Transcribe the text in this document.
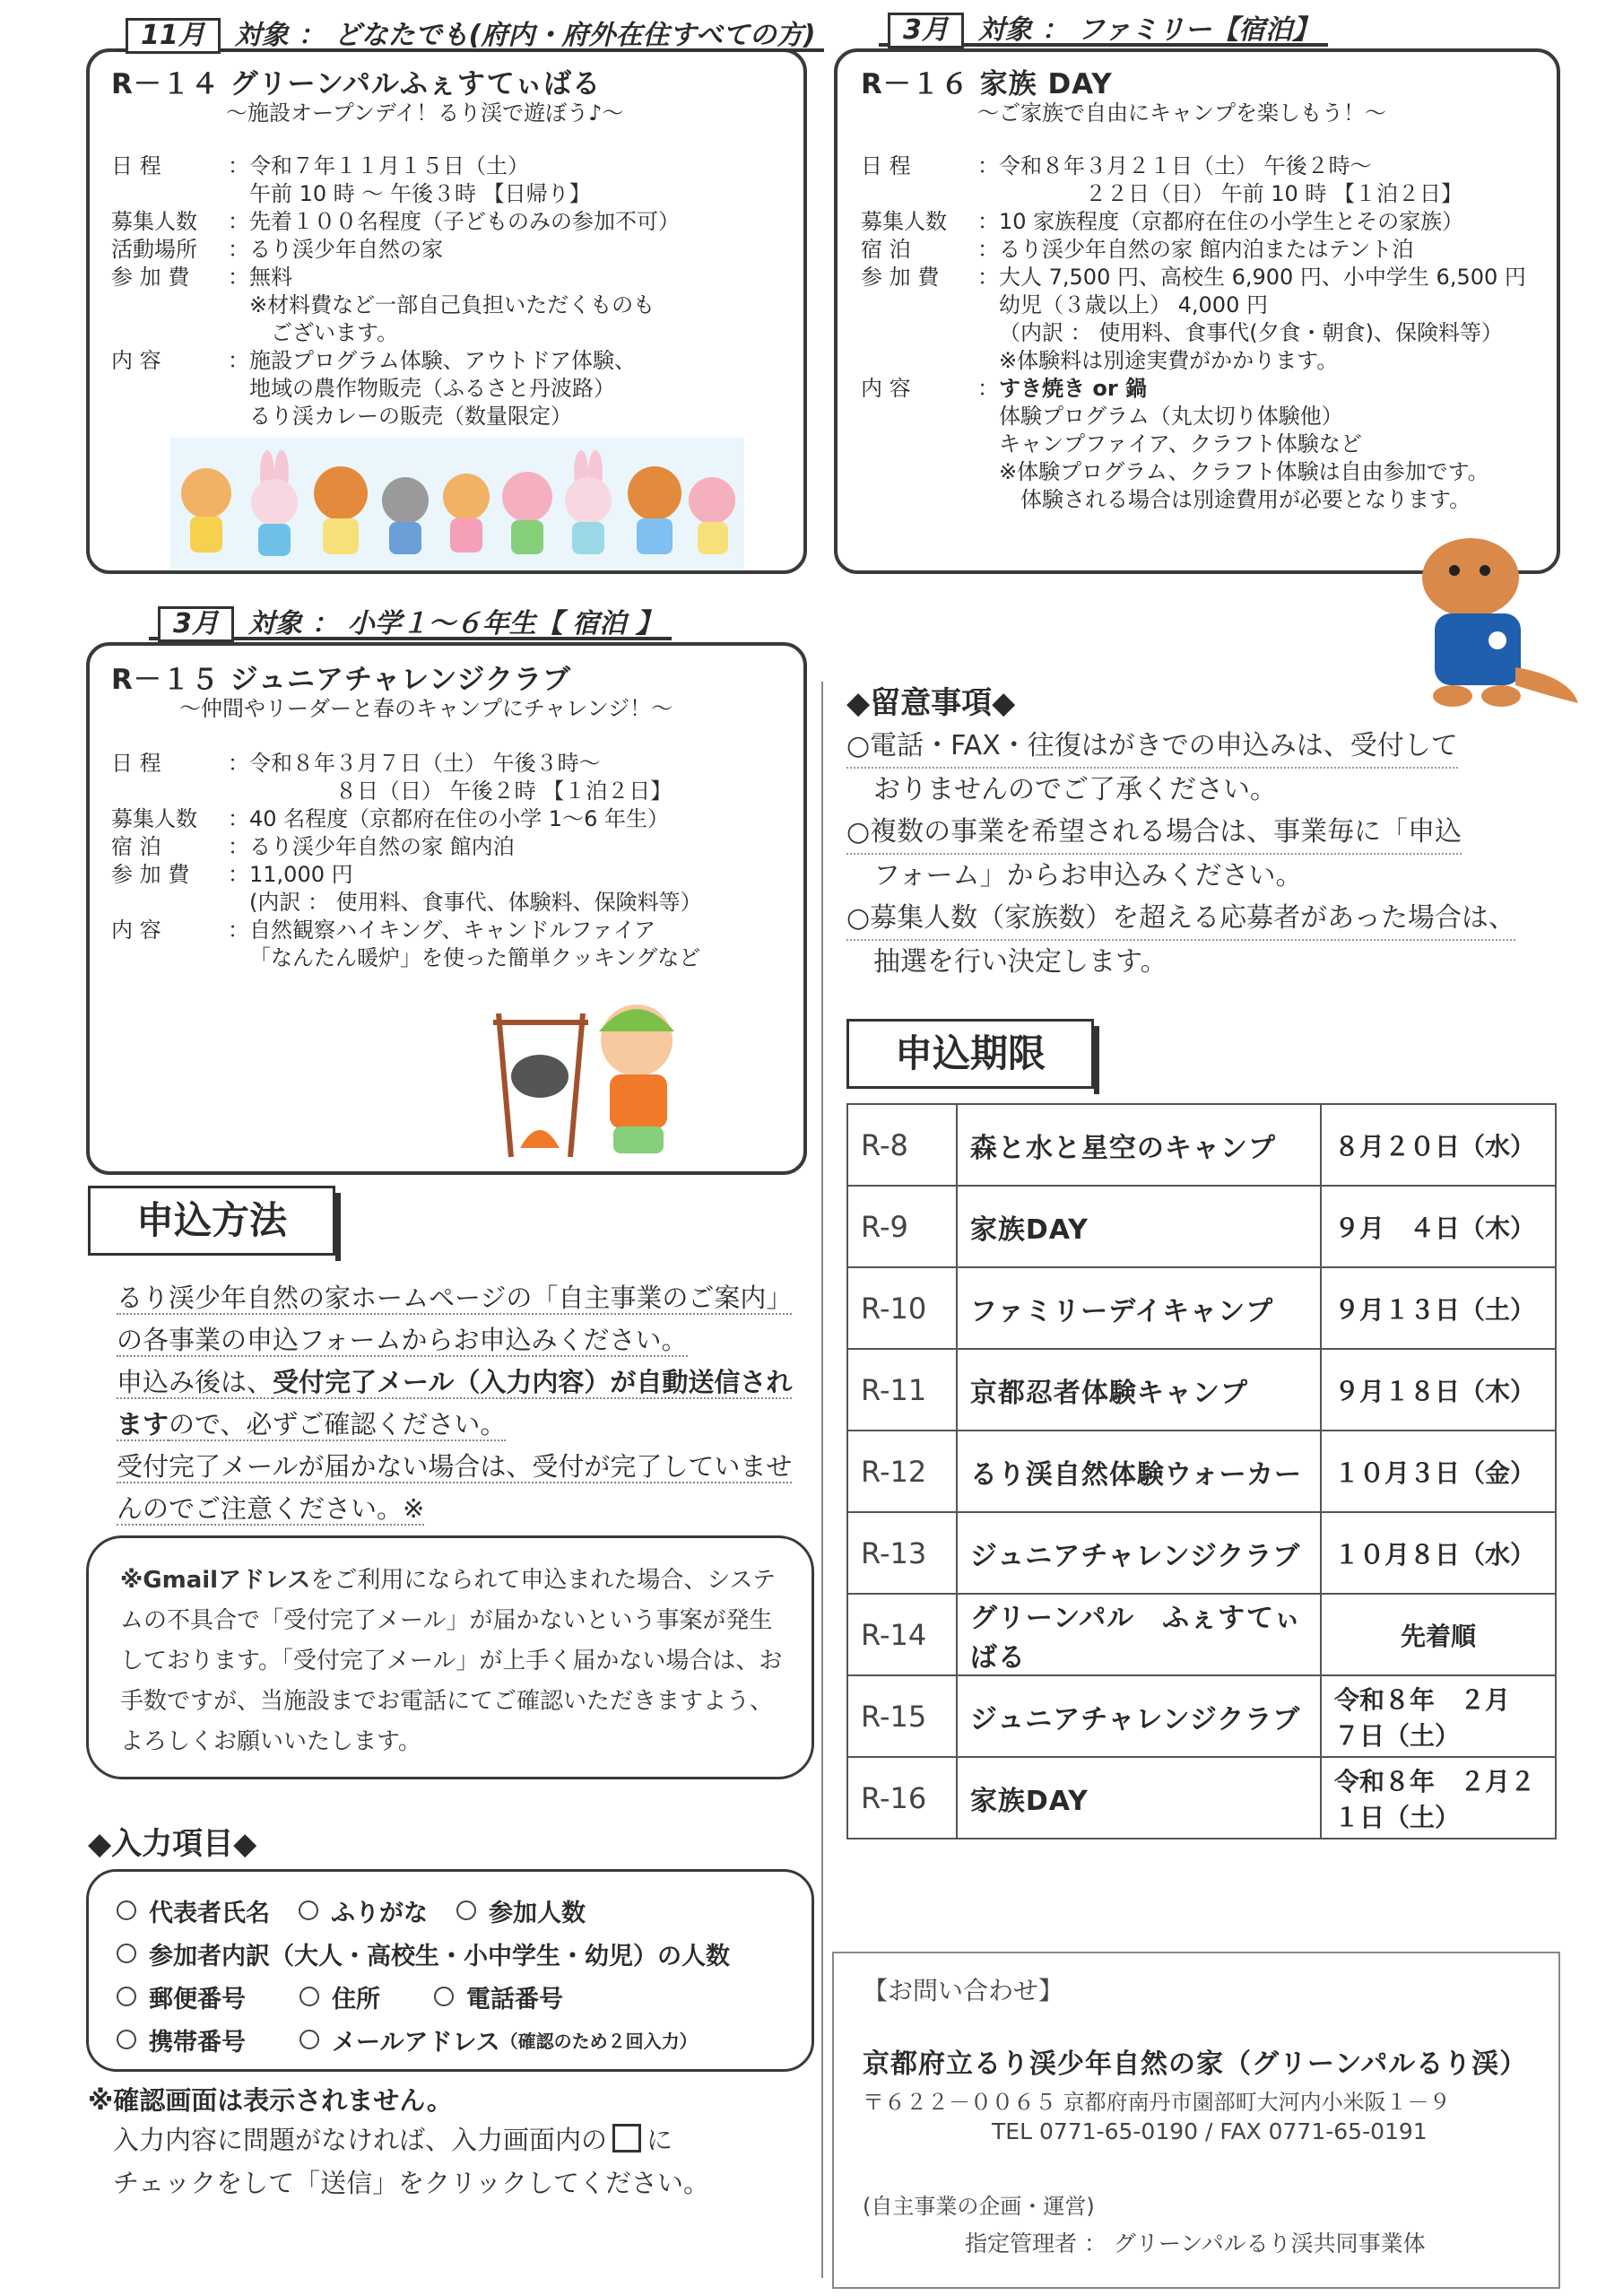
11月 対象 ： どなたでも(府内・府外在住すべての方)
R－１４ グリーンパルふぇすてぃばる
～施設オープンデイ！るり渓で遊ぼう♪～
日 程	： 令和７年１１月１５日（土）
午前 10 時 ～ 午後３時 【日帰り】
募集人数	： 先着１００名程度（子どものみの参加不可）
活動場所	： るり渓少年自然の家
参 加 費	： 無料
※材料費など一部自己負担いただくものも
　ございます。
内 容	： 施設プログラム体験、アウトドア体験、
地域の農作物販売（ふるさと丹波路）
るり渓カレーの販売（数量限定）
3月 対象 ： ファミリー【宿泊】
R－１６ 家族 DAY
～ご家族で自由にキャンプを楽しもう！～
日 程	： 令和８年３月２１日（土） 午後２時～
　　　　２２日（日） 午前 10 時 【１泊２日】
募集人数	： 10 家族程度（京都府在住の小学生とその家族）
宿 泊	： るり渓少年自然の家 館内泊またはテント泊
参 加 費	： 大人 7,500 円、高校生 6,900 円、小中学生 6,500 円
幼児（３歳以上） 4,000 円
（内訳 ： 使用料、食事代(夕食・朝食)、保険料等）
※体験料は別途実費がかかります。
内 容	： すき焼き or 鍋
体験プログラム（丸太切り体験他）
キャンプファイア、クラフト体験など
※体験プログラム、クラフト体験は自由参加です。
　体験される場合は別途費用が必要となります。
3月 対象 ： 小学１～６年生【 宿泊 】
R－１５ ジュニアチャレンジクラブ
～仲間やリーダーと春のキャンプにチャレンジ！～
日 程	： 令和８年３月７日（土） 午後３時～
　　　　８日（日） 午後２時 【１泊２日】
募集人数	： 40 名程度（京都府在住の小学 1～6 年生）
宿 泊	： るり渓少年自然の家 館内泊
参 加 費	： 11,000 円
(内訳 ： 使用料、食事代、体験料、保険料等）
内 容	： 自然観察ハイキング、キャンドルファイア
「なんたん暖炉」を使った簡単クッキングなど
申込方法
るり渓少年自然の家ホームページの「自主事業のご案内」の各事業の申込フォームからお申込みください。
申込み後は、受付完了メール（入力内容）が自動送信されますので、必ずご確認ください。
受付完了メールが届かない場合は、受付が完了していませんのでご注意ください。※
※Gmailアドレスをご利用になられて申込まれた場合、システムの不具合で「受付完了メール」が届かないという事案が発生しております。「受付完了メール」が上手く届かない場合は、お手数ですが、当施設までお電話にてご確認いただきますよう、よろしくお願いいたします。
◆入力項目◆
代表者氏名	ふりがな	参加人数
参加者内訳（大人・高校生・小中学生・幼児）の人数
郵便番号	住所	電話番号
携帯番号	メールアドレス （確認のため２回入力）
※確認画面は表示されません。
入力内容に問題がなければ、入力画面内の に
チェックをして「送信」をクリックしてください。
◆留意事項◆
○電話・FAX・往復はがきでの申込みは、受付して
　おりませんのでご了承ください。
○複数の事業を希望される場合は、事業毎に「申込
　フォーム」からお申込みください。
○募集人数（家族数）を超える応募者があった場合は、
　抽選を行い決定します。
申込期限
R-8	森と水と星空のキャンプ	８月２０日（水）
R-9	家族DAY	９月　４日（木）
R-10	ファミリーデイキャンプ	９月１３日（土）
R-11	京都忍者体験キャンプ	９月１８日（木）
R-12	るり渓自然体験ウォーカー	１０月３日（金）
R-13	ジュニアチャレンジクラブ	１０月８日（水）
R-14	グリーンパル　ふぇすてぃばる	先着順
R-15	ジュニアチャレンジクラブ	令和８年　２月　７日（土）
R-16	家族DAY	令和８年　２月２１日（土）
【お問い合わせ】
京都府立るり渓少年自然の家（グリーンパルるり渓）
〒６２２－００６５ 京都府南丹市園部町大河内小米阪１－９
TEL 0771-65-0190 / FAX 0771-65-0191
(自主事業の企画・運営)
指定管理者 ： グリーンパルるり渓共同事業体
